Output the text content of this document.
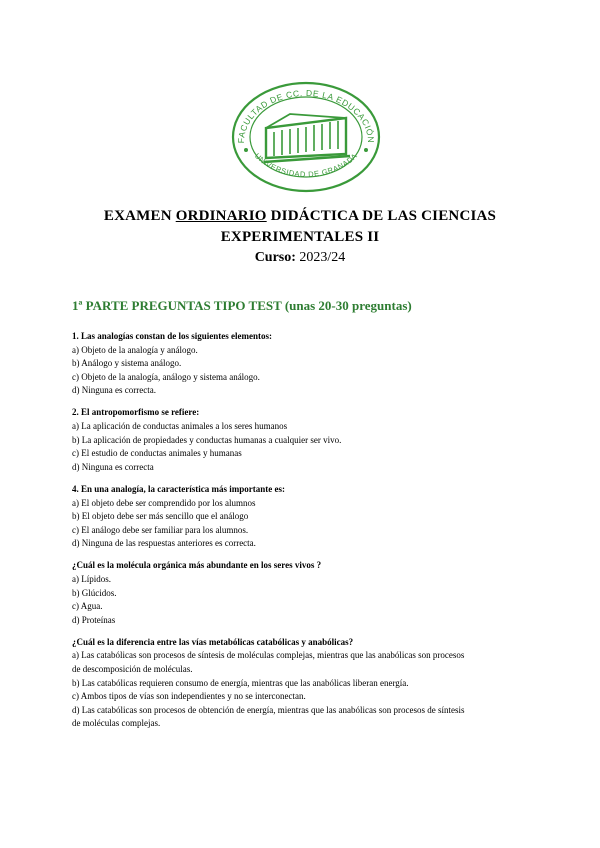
FACULTAD DE CC. DE LA EDUCACIÓN
UNIVERSIDAD DE GRANADA
EXAMEN ORDINARIO DIDÁCTICA DE LAS CIENCIAS EXPERIMENTALES II
Curso: 2023/24
1ª PARTE PREGUNTAS TIPO TEST (unas 20-30 preguntas)

1. Las analogías constan de los siguientes elementos:

a) Objeto de la analogía y análogo.

b) Análogo y sistema análogo.

c) Objeto de la analogía, análogo y sistema análogo.

d) Ninguna es correcta.

2. El antropomorfismo se refiere:

a) La aplicación de conductas animales a los seres humanos

b) La aplicación de propiedades y conductas humanas a cualquier ser vivo.

c) El estudio de conductas animales y humanas

d) Ninguna es correcta

4. En una analogía, la característica más importante es:

a) El objeto debe ser comprendido por los alumnos

b) El objeto debe ser más sencillo que el análogo

c) El análogo debe ser familiar para los alumnos.

d) Ninguna de las respuestas anteriores es correcta.

¿Cuál es la molécula orgánica más abundante en los seres vivos ?

a) Lípidos.

b) Glúcidos.

c) Agua.

d) Proteínas

¿Cuál es la diferencia entre las vías metabólicas catabólicas y anabólicas?

a) Las catabólicas son procesos de síntesis de moléculas complejas, mientras que las anabólicas son procesos de descomposición de moléculas.

b) Las catabólicas requieren consumo de energía, mientras que las anabólicas liberan energía.

c) Ambos tipos de vías son independientes y no se interconectan.

d) Las catabólicas son procesos de obtención de energía, mientras que las anabólicas son procesos de síntesis de moléculas complejas.
